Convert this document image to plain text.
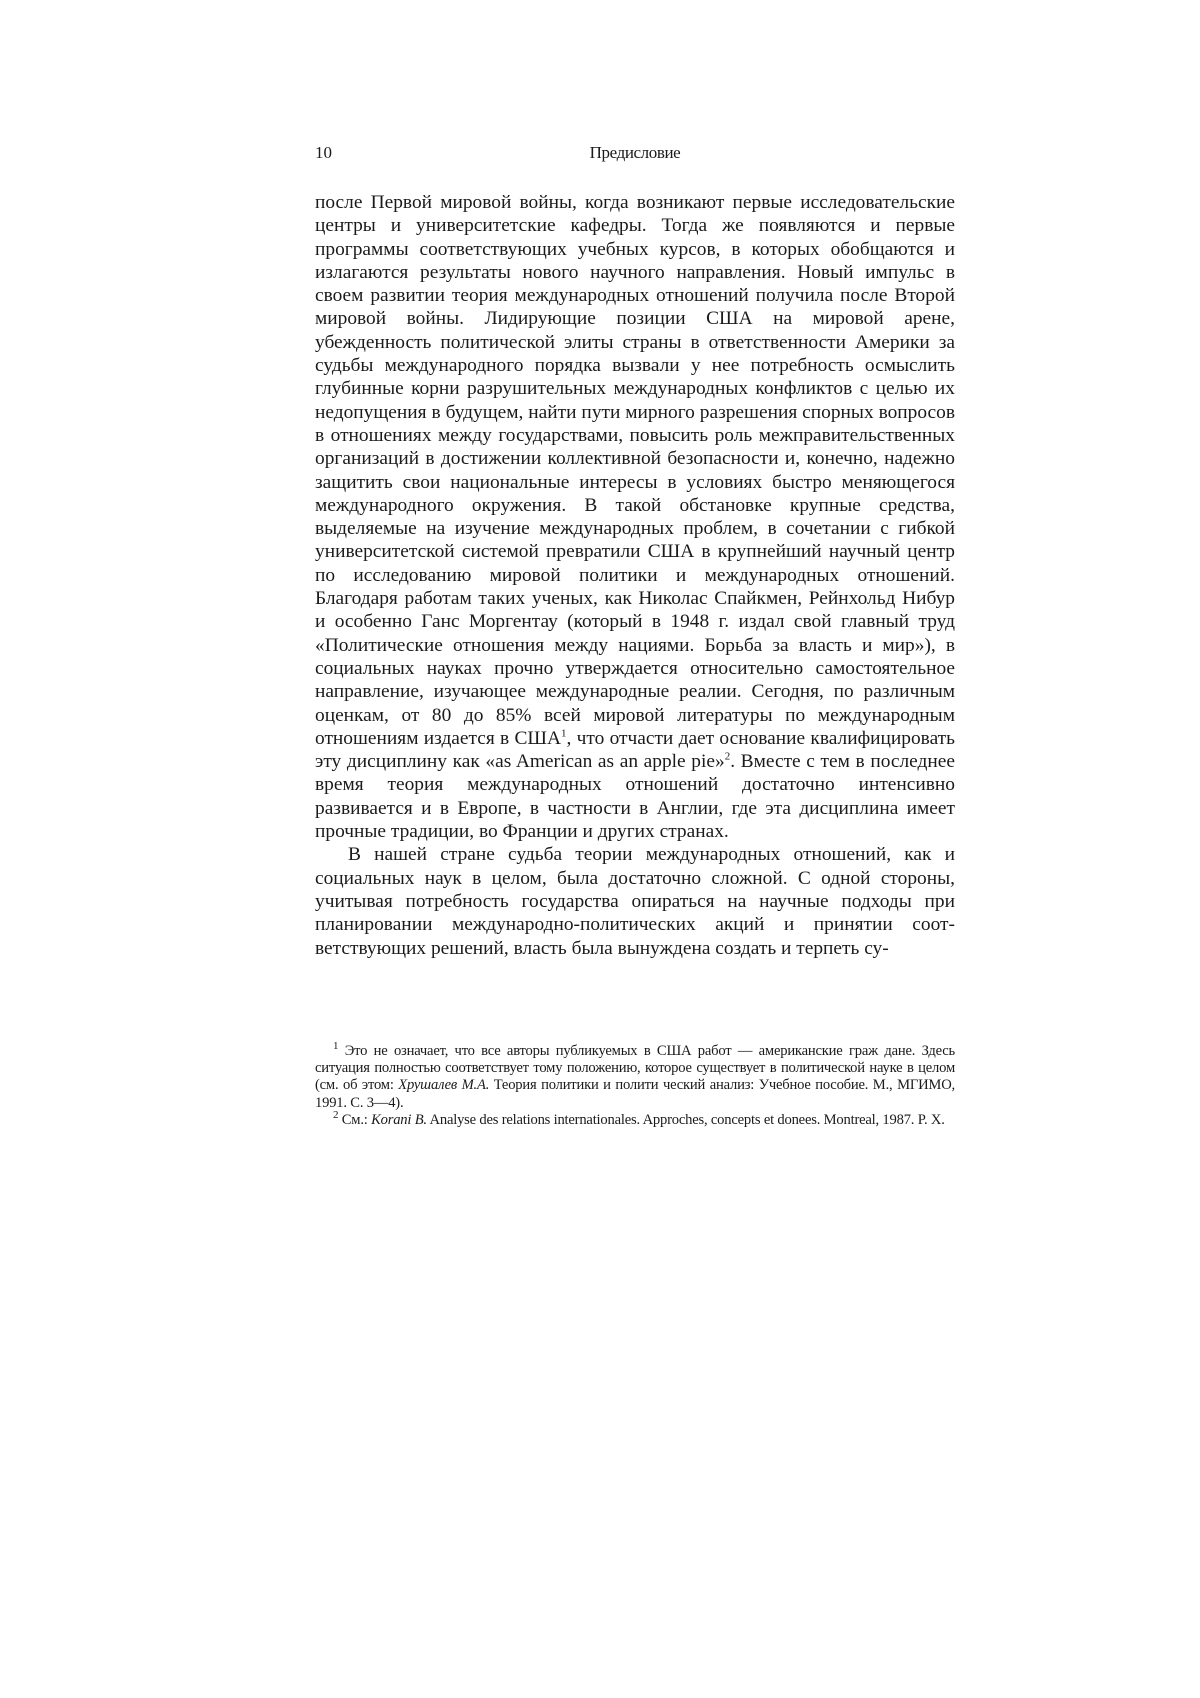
10	Предисловие

после Первой мировой войны, когда возникают первые исследовательские центры и университетские кафедры. Тогда же появляются и первые программы соответствующих учебных курсов, в которых обобщаются и излагаются результаты нового научного направления. Новый импульс в своем развитии теория международных отношений получила после Второй мировой войны. Лидирующие позиции США на мировой арене, убежденность политической элиты страны в ответственности Америки за судьбы международного порядка вызвали у нее потребность осмыслить глубинные корни разрушительных международных конфликтов с целью их недопущения в будущем, найти пути мирного разрешения спорных вопросов в отношениях между государствами, повысить роль межправительственных организаций в достижении коллективной безопасности и, конечно, надежно защитить свои национальные интересы в условиях быстро меняющегося международного окружения. В такой обстановке крупные средства, выделяемые на изучение международных проблем, в сочетании с гибкой университетской системой превратили США в крупнейший научный центр по исследованию мировой политики и международных отношений. Благодаря работам таких ученых, как Николас Спайкмен, Рейнхольд Нибур и особенно Ганс Моргентау (который в 1948 г. издал свой главный труд «Политические отношения между нациями. Борьба за власть и мир»), в социальных науках прочно утверждается относительно самостоятельное направление, изучающее международные реалии. Сегодня, по различным оценкам, от 80 до 85% всей мировой литературы по международным отношениям издается в США$^1$, что отчасти дает основание квалифицировать эту дисциплину как «as American as an apple pie»$^2$. Вместе с тем в последнее время теория международных отношений достаточно интенсивно развивается и в Европе, в частности в Англии, где эта дисциплина имеет прочные традиции, во Франции и других странах.

В нашей стране судьба теории международных отношений, как и социальных наук в целом, была достаточно сложной. С одной стороны, учитывая потребность государства опираться на научные подходы при планировании международно-политических акций и принятии соответствующих решений, власть была вынуждена создать и терпеть су-

$^1$ Это не означает, что все авторы публикуемых в США работ — американские граж дане. Здесь ситуация полностью соответствует тому положению, которое существует в политической науке в целом (см. об этом: Хрушалев М.А. Теория политики и полити ческий анализ: Учебное пособие. М., МГИМО, 1991. С. 3—4).

$^2$ См.: Korani B. Analyse des relations internationales. Approches, concepts et donees. Montreal, 1987. P. X.
